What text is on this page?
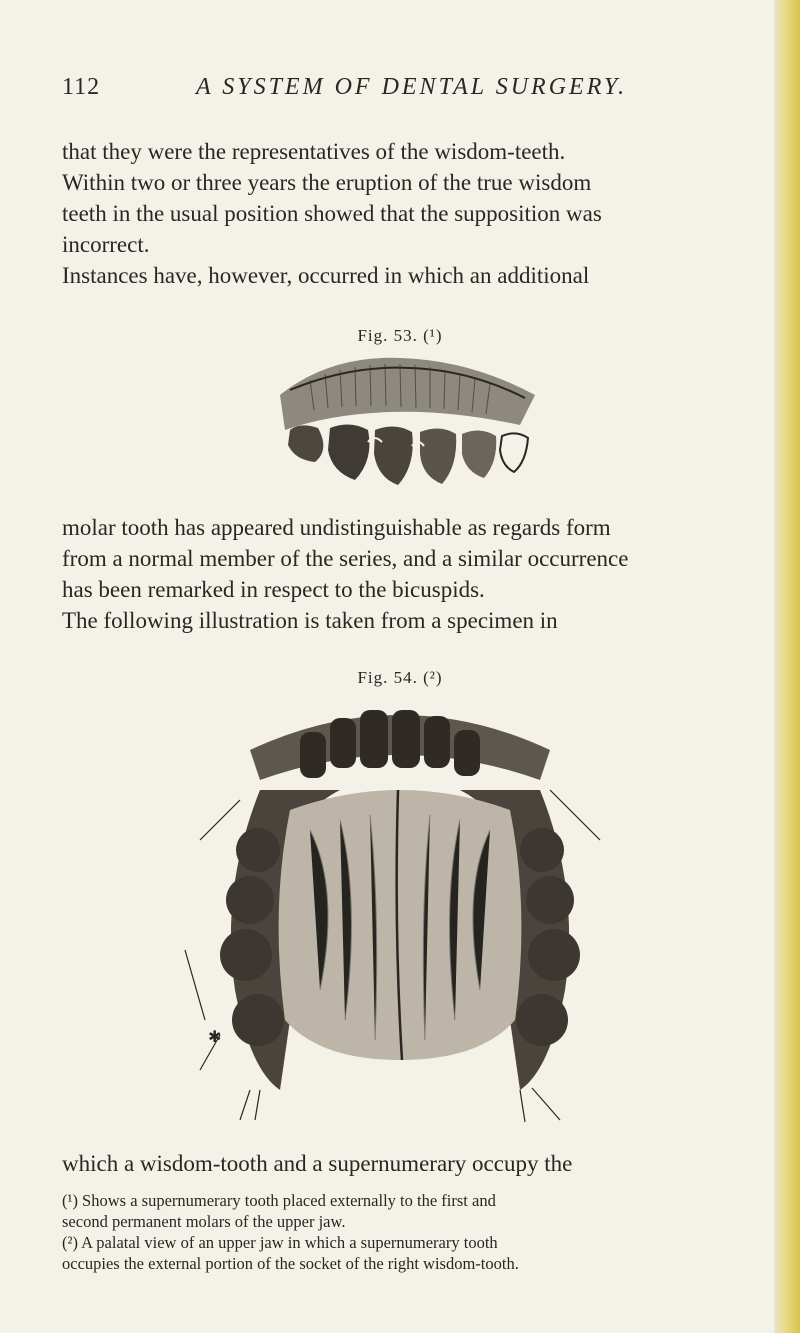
112	A SYSTEM OF DENTAL SURGERY.

that they were the representatives of the wisdom-teeth.
Within two or three years the eruption of the true wisdom
teeth in the usual position showed that the supposition was
incorrect.
Instances have, however, occurred in which an additional

Fig. 53. (¹)

molar tooth has appeared undistinguishable as regards form
from a normal member of the series, and a similar occurrence
has been remarked in respect to the bicuspids.
The following illustration is taken from a specimen in

Fig. 54. (²)
✱

which a wisdom-tooth and a supernumerary occupy the

(¹) Shows a supernumerary tooth placed externally to the first and
second permanent molars of the upper jaw.
(²) A palatal view of an upper jaw in which a supernumerary tooth
occupies the external portion of the socket of the right wisdom-tooth.
